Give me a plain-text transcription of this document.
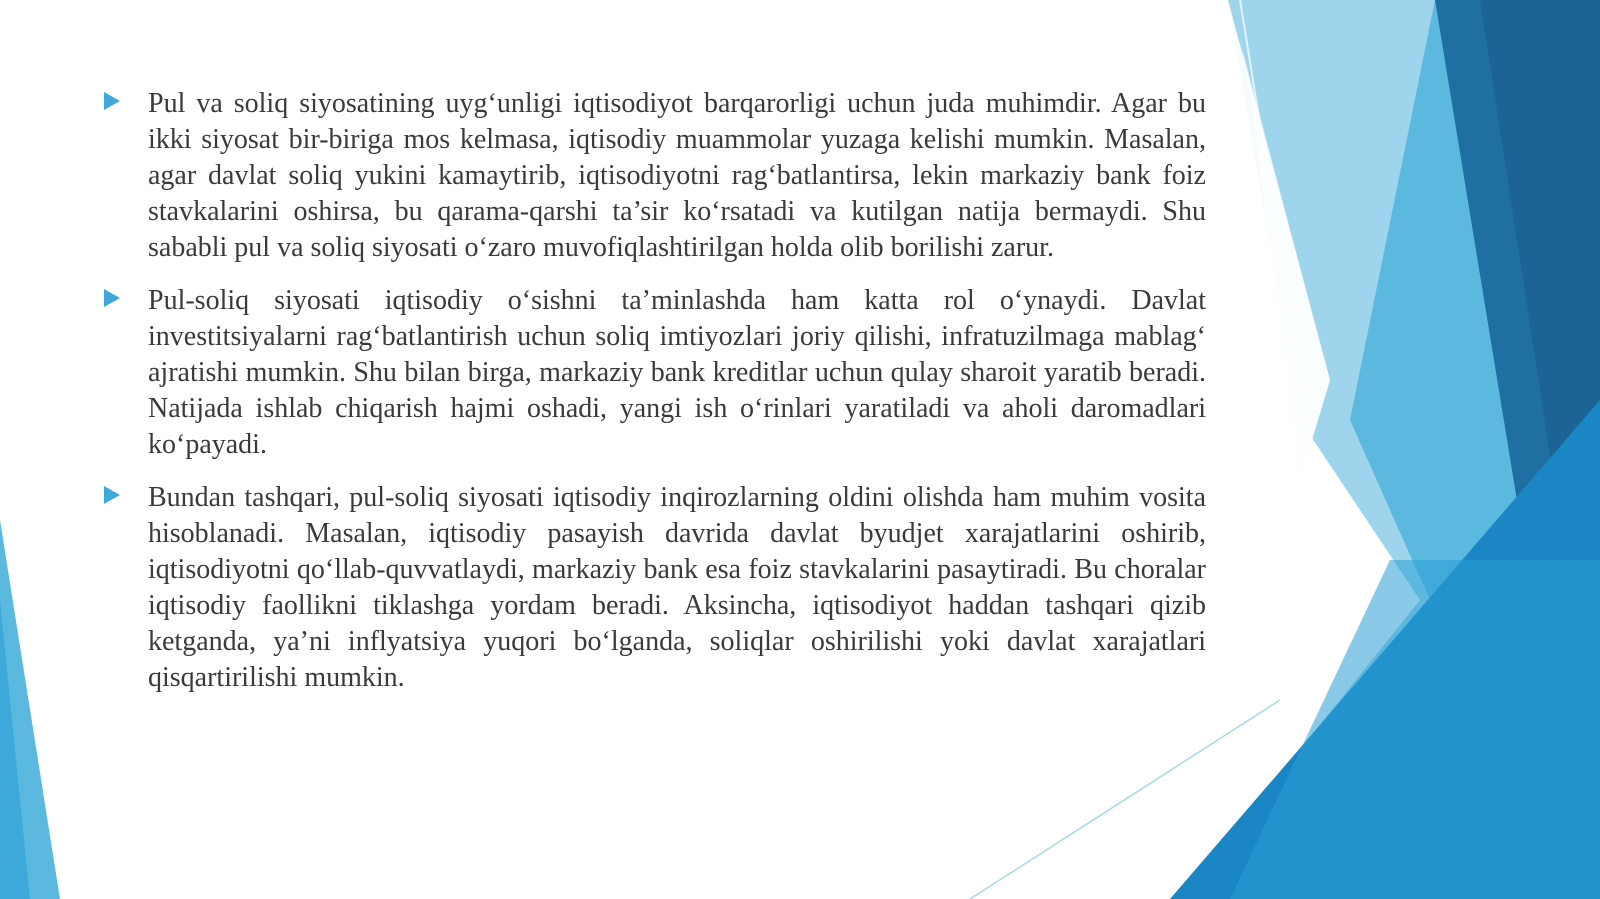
Pul va soliq siyosatining uyg‘unligi iqtisodiyot barqarorligi uchun juda muhimdir. Agar bu ikki siyosat bir-biriga mos kelmasa, iqtisodiy muammolar yuzaga kelishi mumkin. Masalan, agar davlat soliq yukini kamaytirib, iqtisodiyotni rag‘batlantirsa, lekin markaziy bank foiz stavkalarini oshirsa, bu qarama-qarshi ta’sir ko‘rsatadi va kutilgan natija bermaydi. Shu sababli pul va soliq siyosati o‘zaro muvofiqlashtirilgan holda olib borilishi zarur.

Pul-soliq siyosati iqtisodiy o‘sishni ta’minlashda ham katta rol o‘ynaydi. Davlat investitsiyalarni rag‘batlantirish uchun soliq imtiyozlari joriy qilishi, infratuzilmaga mablag‘ ajratishi mumkin. Shu bilan birga, markaziy bank kreditlar uchun qulay sharoit yaratib beradi. Natijada ishlab chiqarish hajmi oshadi, yangi ish o‘rinlari yaratiladi va aholi daromadlari ko‘payadi.

Bundan tashqari, pul-soliq siyosati iqtisodiy inqirozlarning oldini olishda ham muhim vosita hisoblanadi. Masalan, iqtisodiy pasayish davrida davlat byudjet xarajatlarini oshirib, iqtisodiyotni qo‘llab-quvvatlaydi, markaziy bank esa foiz stavkalarini pasaytiradi. Bu choralar iqtisodiy faollikni tiklashga yordam beradi. Aksincha, iqtisodiyot haddan tashqari qizib ketganda, ya’ni inflyatsiya yuqori bo‘lganda, soliqlar oshirilishi yoki davlat xarajatlari qisqartirilishi mumkin.
